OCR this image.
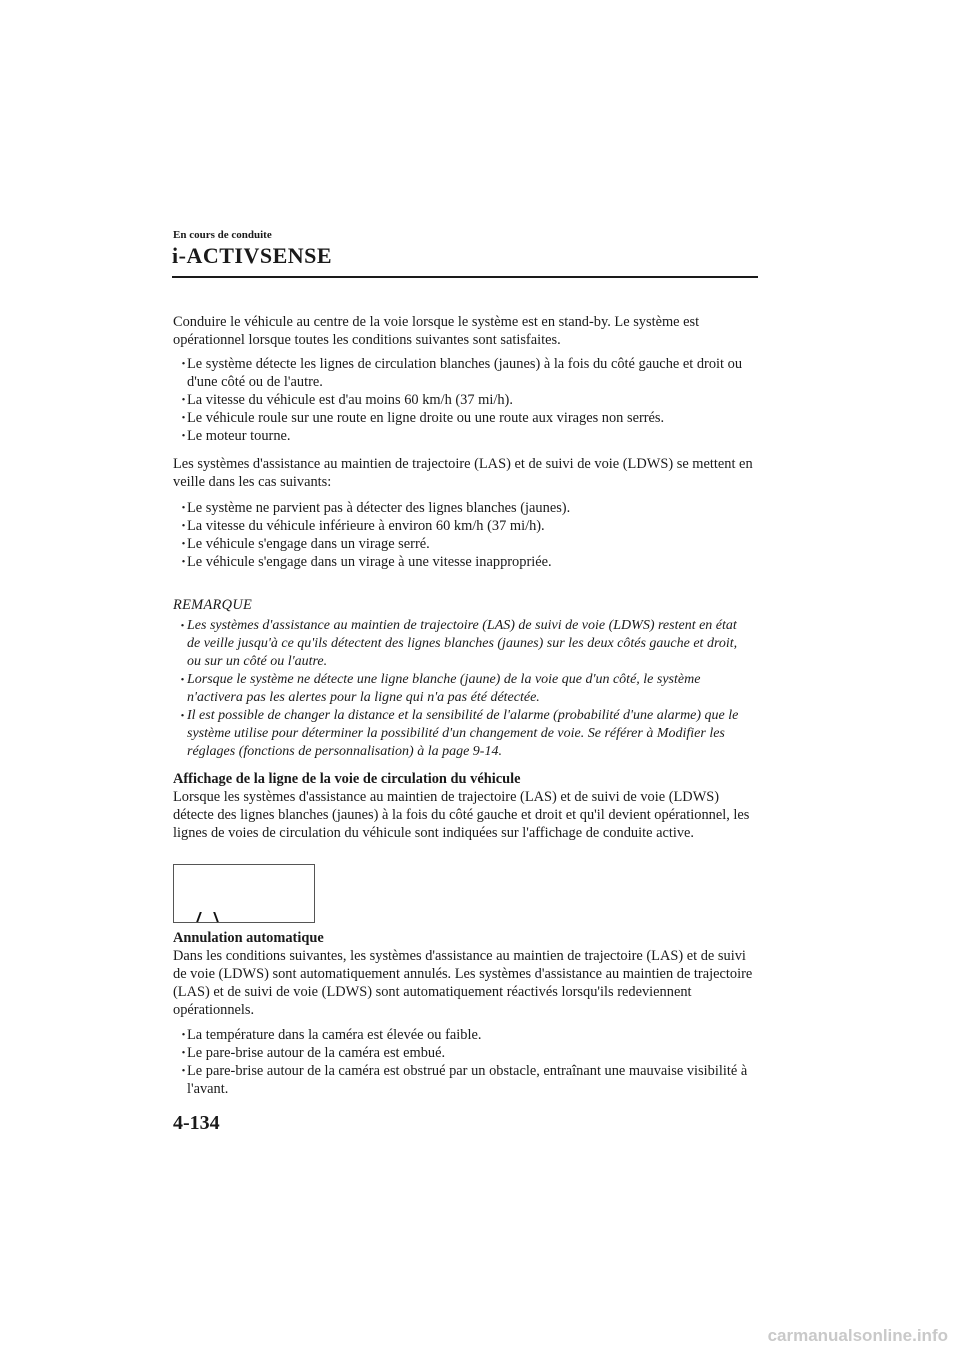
En cours de conduite
i-ACTIVSENSE
Conduire le véhicule au centre de la voie lorsque le système est en stand-by. Le système est opérationnel lorsque toutes les conditions suivantes sont satisfaites.
・
Le système détecte les lignes de circulation blanches (jaunes) à la fois du côté gauche et droit ou d'une côté ou de l'autre.
・
La vitesse du véhicule est d'au moins 60 km/h (37 mi/h).
・
Le véhicule roule sur une route en ligne droite ou une route aux virages non serrés.
・
Le moteur tourne.
Les systèmes d'assistance au maintien de trajectoire (LAS) et de suivi de voie (LDWS) se mettent en veille dans les cas suivants:
・
Le système ne parvient pas à détecter des lignes blanches (jaunes).
・
La vitesse du véhicule inférieure à environ 60 km/h (37 mi/h).
・
Le véhicule s'engage dans un virage serré.
・
Le véhicule s'engage dans un virage à une vitesse inappropriée.
REMARQUE
・
Les systèmes d'assistance au maintien de trajectoire (LAS) de suivi de voie (LDWS) restent en état de veille jusqu'à ce qu'ils détectent des lignes blanches (jaunes) sur les deux côtés gauche et droit, ou sur un côté ou l'autre.
・
Lorsque le système ne détecte une ligne blanche (jaune) de la voie que d'un côté, le système n'activera pas les alertes pour la ligne qui n'a pas été détectée.
・
Il est possible de changer la distance et la sensibilité de l'alarme (probabilité d'une alarme) que le système utilise pour déterminer la possibilité d'un changement de voie. Se référer à Modifier les réglages (fonctions de personnalisation) à la page 9-14.
Affichage de la ligne de la voie de circulation du véhicule
Lorsque les systèmes d'assistance au maintien de trajectoire (LAS) et de suivi de voie (LDWS) détecte des lignes blanches (jaunes) à la fois du côté gauche et droit et qu'il devient opérationnel, les lignes de voies de circulation du véhicule sont indiquées sur l'affichage de conduite active.
Annulation automatique
Dans les conditions suivantes, les systèmes d'assistance au maintien de trajectoire (LAS) et de suivi de voie (LDWS) sont automatiquement annulés. Les systèmes d'assistance au maintien de trajectoire (LAS) et de suivi de voie (LDWS) sont automatiquement réactivés lorsqu'ils redeviennent opérationnels.
・
La température dans la caméra est élevée ou faible.
・
Le pare-brise autour de la caméra est embué.
・
Le pare-brise autour de la caméra est obstrué par un obstacle, entraînant une mauvaise visibilité à l'avant.
4-134
carmanualsonline.info
